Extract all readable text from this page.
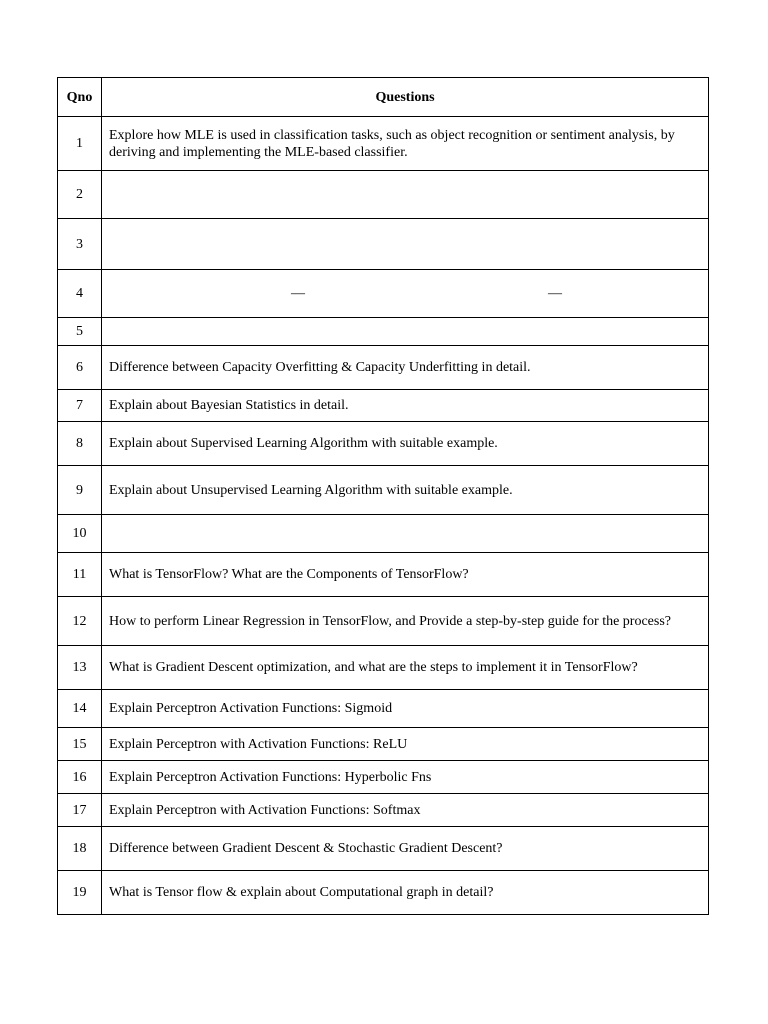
Qno	Questions
1	Explore how MLE is used in classification tasks, such as object recognition or sentiment analysis, by deriving and implementing the MLE-based classifier.
2	
3	
4	— —

5	
6	Difference between Capacity Overfitting & Capacity Underfitting in detail.
7	Explain about Bayesian Statistics in detail.
8	Explain about Supervised Learning Algorithm with suitable example.
9	Explain about Unsupervised Learning Algorithm with suitable example.
10	
11	What is TensorFlow? What are the Components of TensorFlow?
12	How to perform Linear Regression in TensorFlow, and Provide a step-by-step guide for the process?
13	What is Gradient Descent optimization, and what are the steps to implement it in TensorFlow?
14	Explain Perceptron Activation Functions: Sigmoid
15	Explain Perceptron with Activation Functions: ReLU
16	Explain Perceptron Activation Functions: Hyperbolic Fns
17	Explain Perceptron with Activation Functions: Softmax
18	Difference between Gradient Descent & Stochastic Gradient Descent?
19	What is Tensor flow & explain about Computational graph in detail?
